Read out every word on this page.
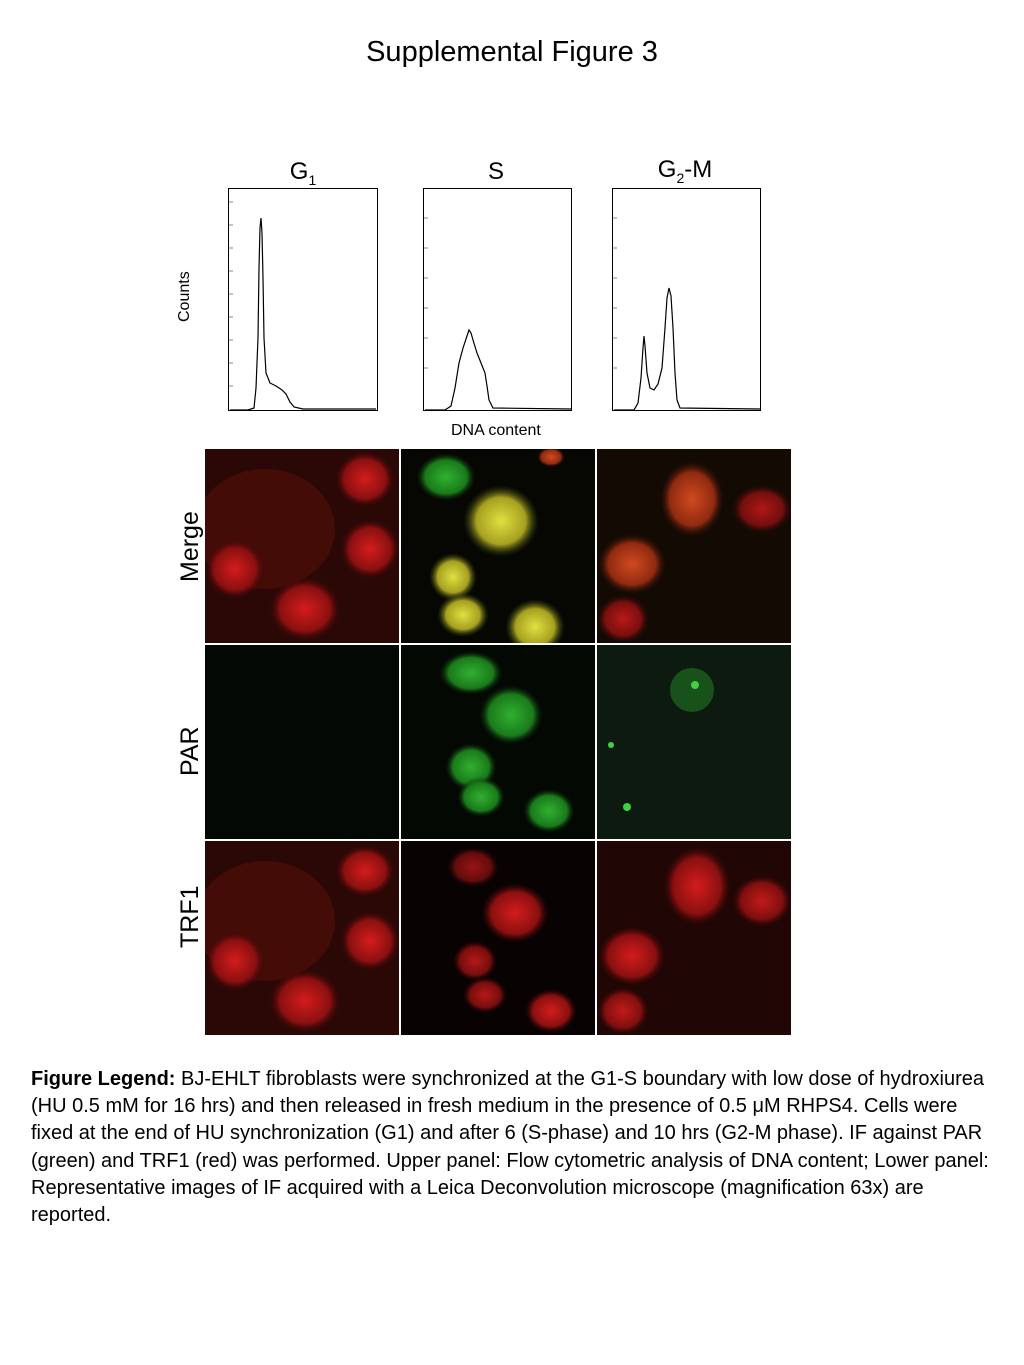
Supplemental Figure 3
$G_1$	S	$G_2-M$
Counts
DNA content
Merge
PAR
TRF1
Figure Legend: BJ-EHLT fibroblasts were synchronized at the G1-S boundary with low dose of hydroxiurea (HU 0.5 mM for 16 hrs) and then released in fresh medium in the presence of 0.5 μM RHPS4. Cells were fixed at the end of HU synchronization (G1) and after 6 (S-phase) and 10 hrs (G2-M phase). IF against PAR (green) and TRF1 (red) was performed. Upper panel: Flow cytometric analysis of DNA content; Lower panel: Representative images of IF acquired with a Leica Deconvolution microscope (magnification 63x) are reported.
